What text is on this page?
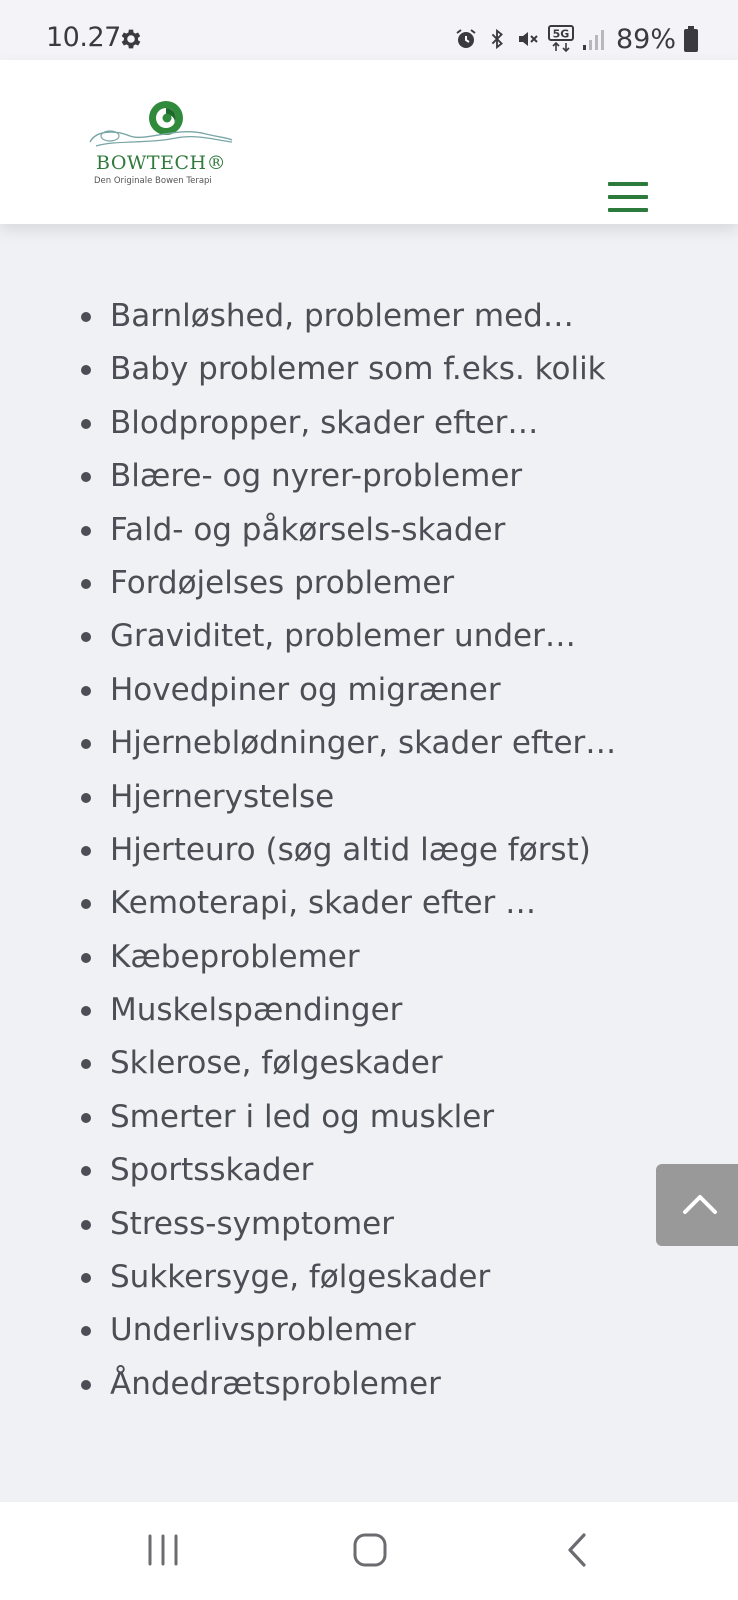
10.27	5G 89%
BOWTECH®
Den Originale Bowen Terapi
Barnløshed, problemer med…
Baby problemer som f.eks. kolik
Blodpropper, skader efter…
Blære- og nyrer-problemer
Fald- og påkørsels-skader
Fordøjelses problemer
Graviditet, problemer under…
Hovedpiner og migræner
Hjerneblødninger, skader efter…
Hjernerystelse
Hjerteuro (søg altid læge først)
Kemoterapi, skader efter …
Kæbeproblemer
Muskelspændinger
Sklerose, følgeskader
Smerter i led og muskler
Sportsskader
Stress-symptomer
Sukkersyge, følgeskader
Underlivsproblemer
Åndedrætsproblemer
